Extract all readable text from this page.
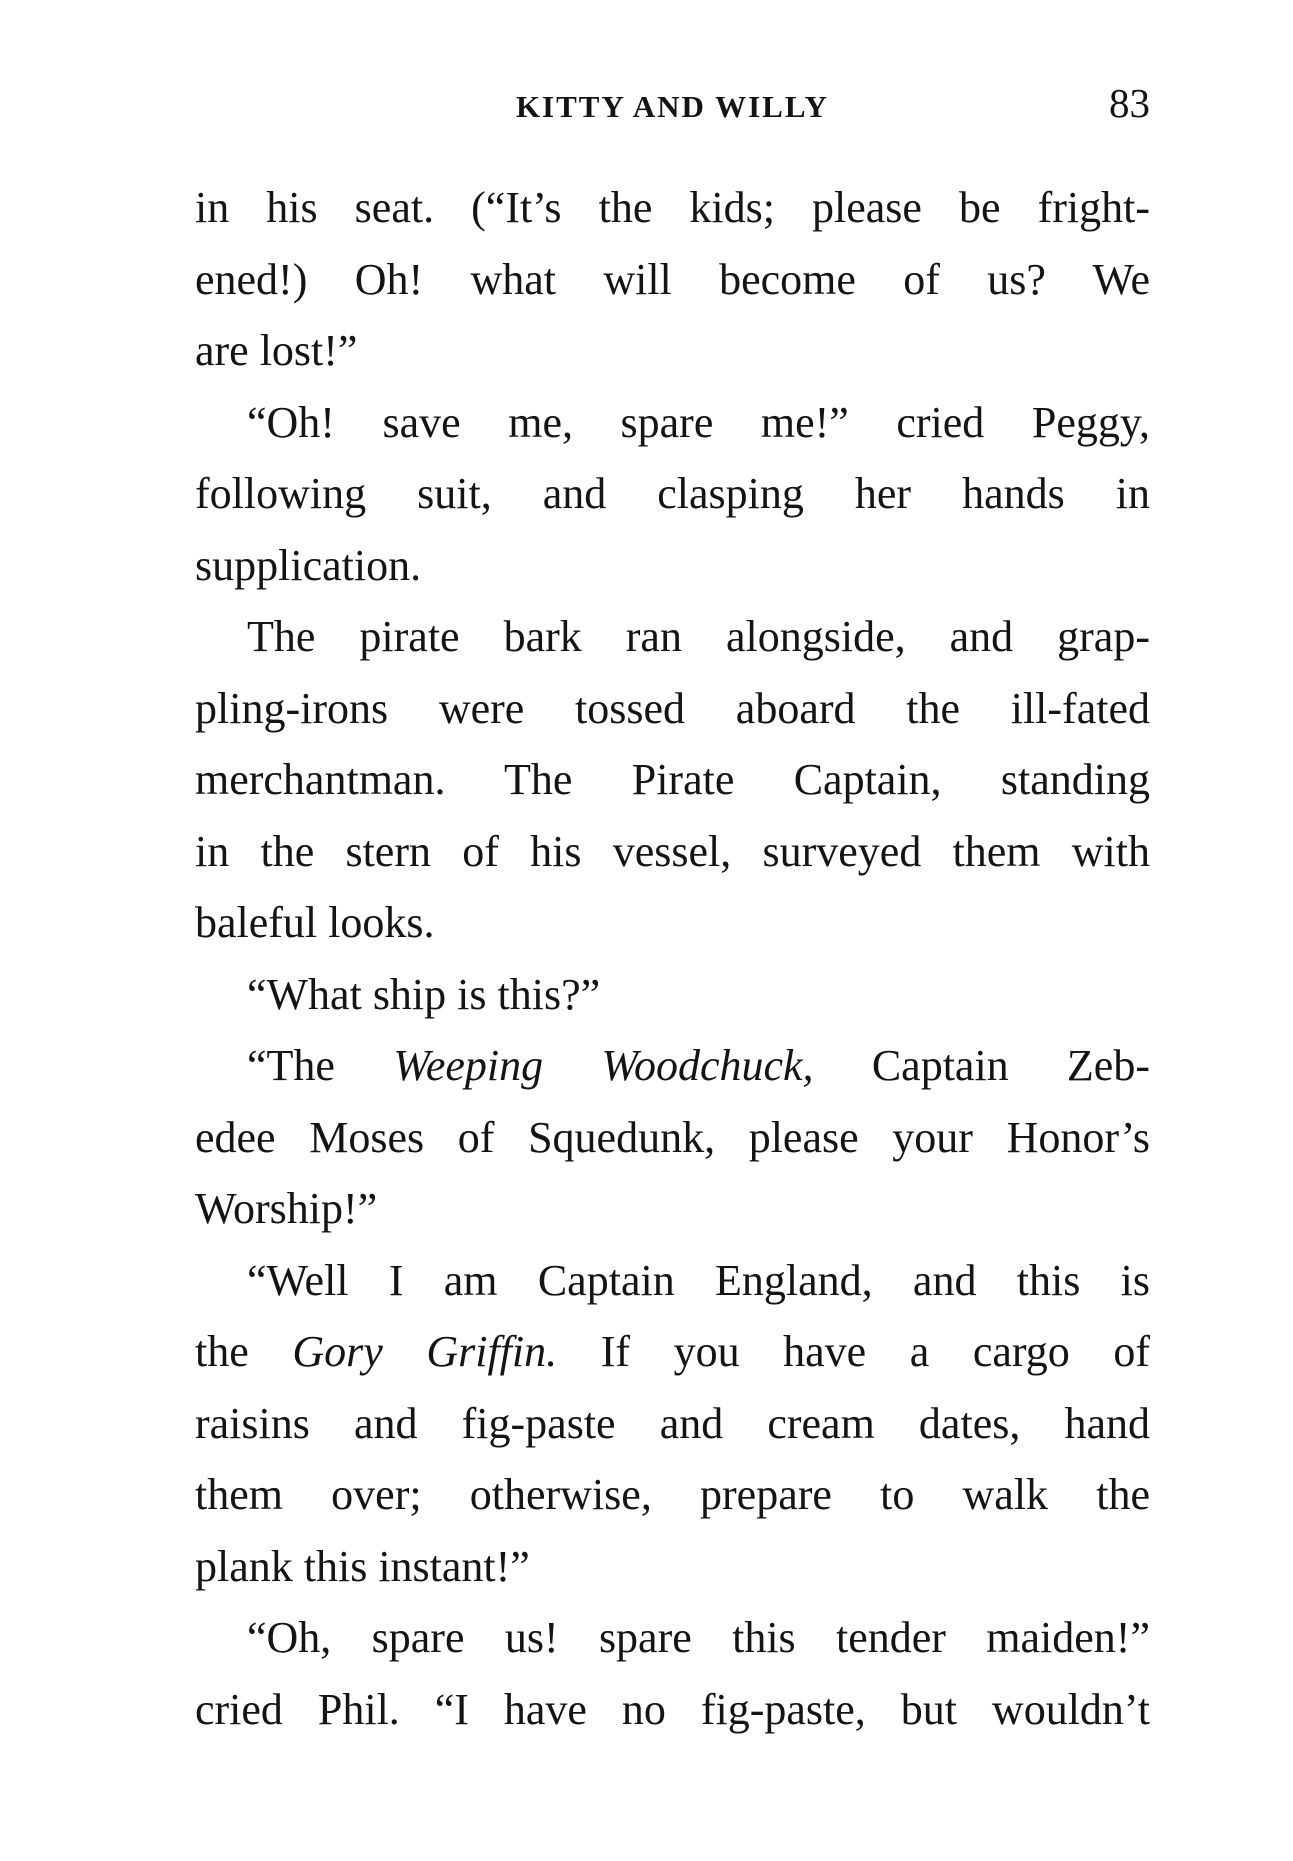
KITTY AND WILLY	83
in his seat. (“It’s the kids; please be fright-
ened!) Oh! what will become of us? We
are lost!”
“Oh! save me, spare me!” cried Peggy,
following suit, and clasping her hands in
supplication.
The pirate bark ran alongside, and grap-
pling-irons were tossed aboard the ill-fated
merchantman. The Pirate Captain, standing
in the stern of his vessel, surveyed them with
baleful looks.
“What ship is this?”
“The Weeping Woodchuck, Captain Zeb-
edee Moses of Squedunk, please your Honor’s
Worship!”
“Well I am Captain England, and this is
the Gory Griffin. If you have a cargo of
raisins and fig-paste and cream dates, hand
them over; otherwise, prepare to walk the
plank this instant!”
“Oh, spare us! spare this tender maiden!”
cried Phil. “I have no fig-paste, but wouldn’t
